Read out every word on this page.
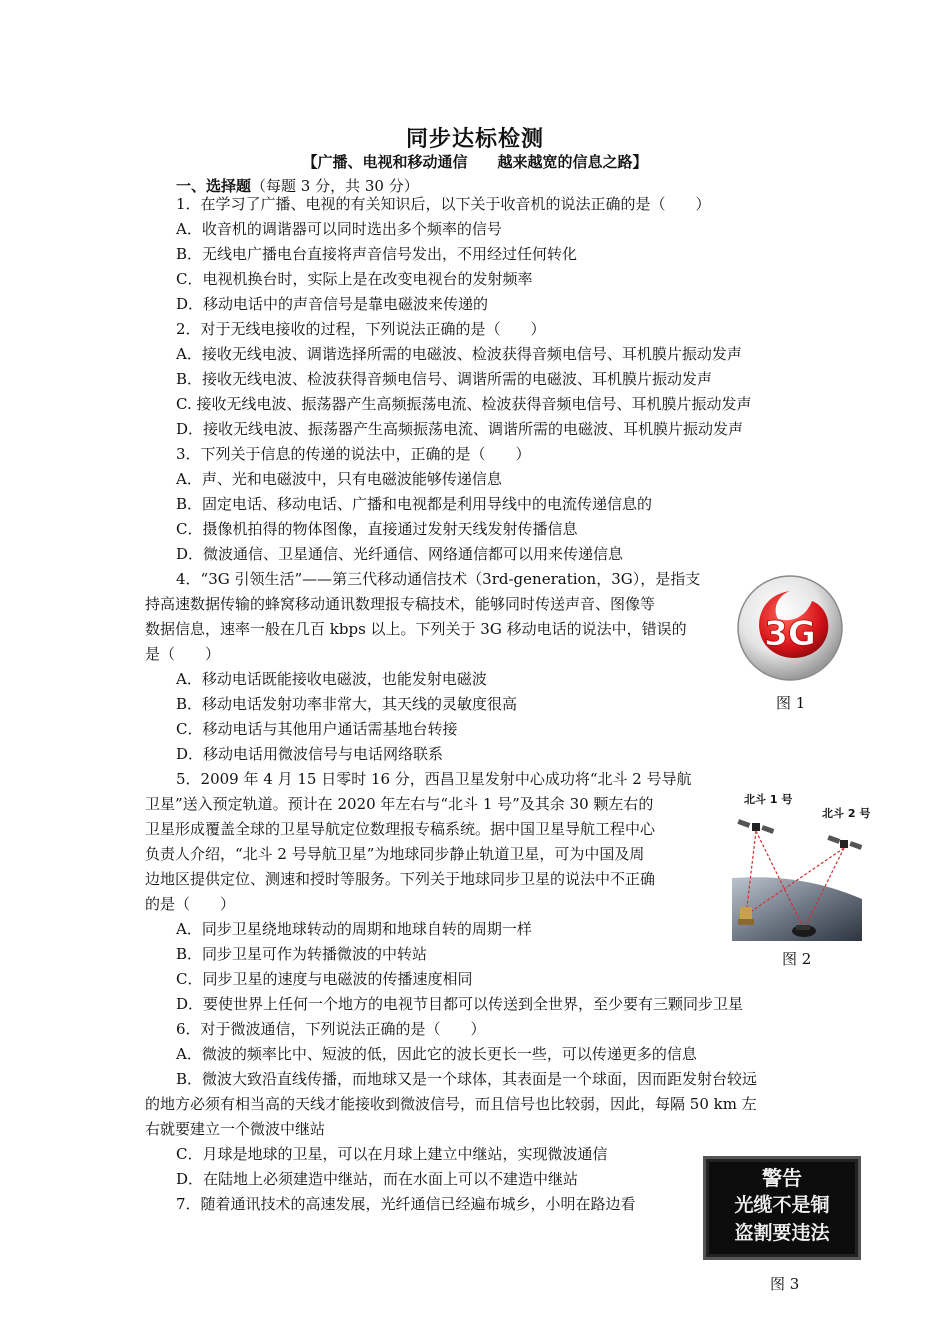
同步达标检测
【广播、电视和移动通信　　越来越宽的信息之路】
一、选择题（每题 3 分，共 30 分）
1．在学习了广播、电视的有关知识后，以下关于收音机的说法正确的是（　　）
A．收音机的调谐器可以同时选出多个频率的信号
B．无线电广播电台直接将声音信号发出，不用经过任何转化
C．电视机换台时，实际上是在改变电视台的发射频率
D．移动电话中的声音信号是靠电磁波来传递的
2．对于无线电接收的过程，下列说法正确的是（　　）
A．接收无线电波、调谐选择所需的电磁波、检波获得音频电信号、耳机膜片振动发声
B．接收无线电波、检波获得音频电信号、调谐所需的电磁波、耳机膜片振动发声
C. 接收无线电波、振荡器产生高频振荡电流、检波获得音频电信号、耳机膜片振动发声
D．接收无线电波、振荡器产生高频振荡电流、调谐所需的电磁波、耳机膜片振动发声
3．下列关于信息的传递的说法中，正确的是（　　）
A．声、光和电磁波中，只有电磁波能够传递信息
B．固定电话、移动电话、广播和电视都是利用导线中的电流传递信息的
C．摄像机拍得的物体图像，直接通过发射天线发射传播信息
D．微波通信、卫星通信、光纤通信、网络通信都可以用来传递信息
4．“3G 引领生活”——第三代移动通信技术（3rd-generation，3G），是指支
持高速数据传输的蜂窝移动通讯数理报专稿技术，能够同时传送声音、图像等
数据信息，速率一般在几百 kbps 以上。下列关于 3G 移动电话的说法中，错误的
是（　　）
A．移动电话既能接收电磁波，也能发射电磁波
B．移动电话发射功率非常大，其天线的灵敏度很高
C．移动电话与其他用户通话需基地台转接
D．移动电话用微波信号与电话网络联系
5．2009 年 4 月 15 日零时 16 分，西昌卫星发射中心成功将“北斗 2 号导航
卫星”送入预定轨道。预计在 2020 年左右与“北斗 1 号”及其余 30 颗左右的
卫星形成覆盖全球的卫星导航定位数理报专稿系统。据中国卫星导航工程中心
负责人介绍，“北斗 2 号导航卫星”为地球同步静止轨道卫星，可为中国及周
边地区提供定位、测速和授时等服务。下列关于地球同步卫星的说法中不正确
的是（　　）
A．同步卫星绕地球转动的周期和地球自转的周期一样
B．同步卫星可作为转播微波的中转站
C．同步卫星的速度与电磁波的传播速度相同
D．要使世界上任何一个地方的电视节目都可以传送到全世界，至少要有三颗同步卫星
6．对于微波通信，下列说法正确的是（　　）
A．微波的频率比中、短波的低，因此它的波长更长一些，可以传递更多的信息
B．微波大致沿直线传播，而地球又是一个球体，其表面是一个球面，因而距发射台较远
的地方必须有相当高的天线才能接收到微波信号，而且信号也比较弱，因此，每隔 50 km 左
右就要建立一个微波中继站
C．月球是地球的卫星，可以在月球上建立中继站，实现微波通信
D．在陆地上必须建造中继站，而在水面上可以不建造中继站
7．随着通讯技术的高速发展，光纤通信已经遍布城乡，小明在路边看
3G
图 1
北斗 1 号
北斗 2 号
图 2
警告
光缆不是铜
盗割要违法
图 3
